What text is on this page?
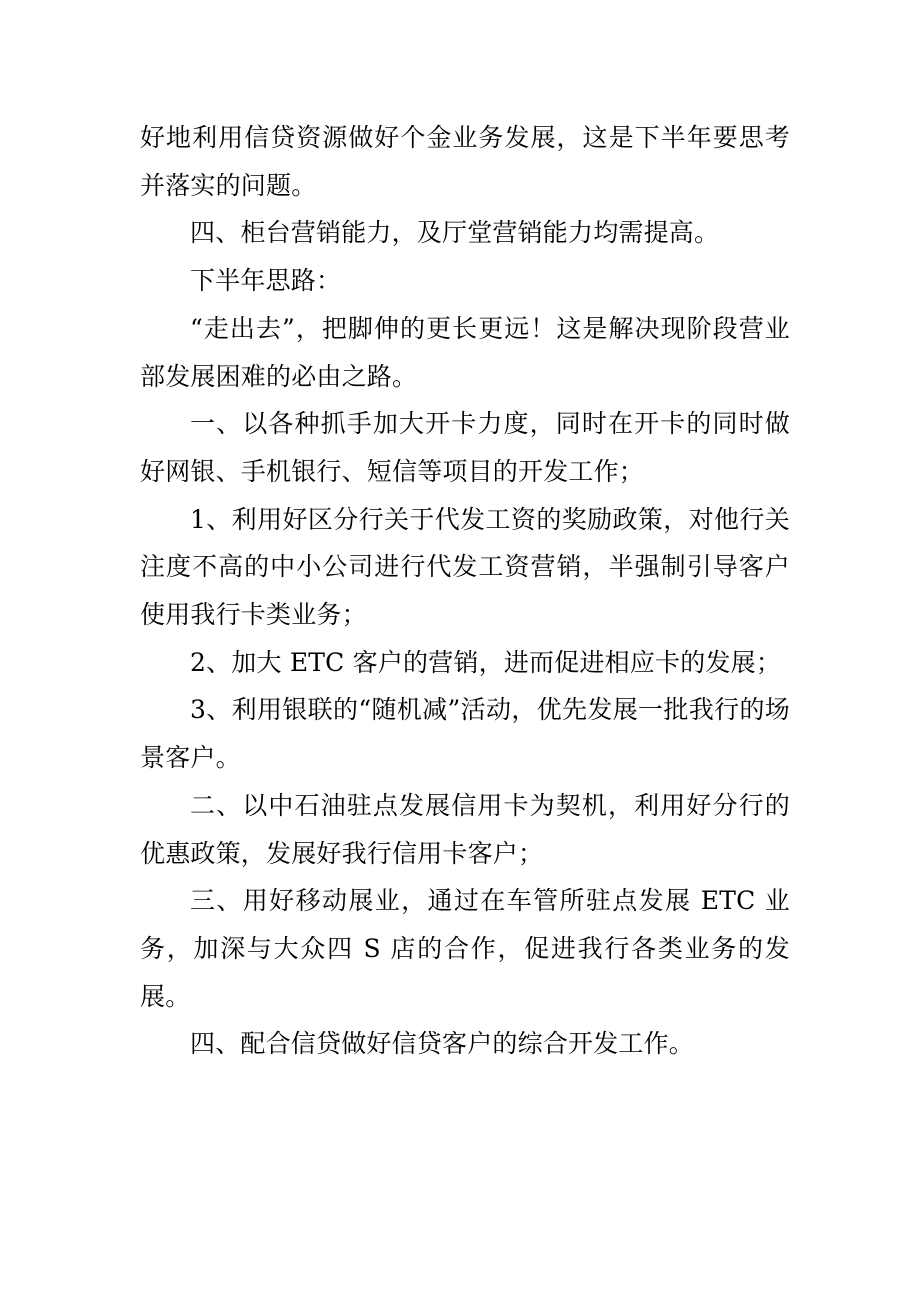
好地利用信贷资源做好个金业务发展，这是下半年要思考并落实的问题。

四、柜台营销能力，及厅堂营销能力均需提高。

下半年思路：

“走出去”，把脚伸的更长更远！这是解决现阶段营业部发展困难的必由之路。

一、以各种抓手加大开卡力度，同时在开卡的同时做好网银、手机银行、短信等项目的开发工作；

1、利用好区分行关于代发工资的奖励政策，对他行关注度不高的中小公司进行代发工资营销，半强制引导客户使用我行卡类业务；

2、加大 ETC 客户的营销，进而促进相应卡的发展；

3、利用银联的“随机减”活动，优先发展一批我行的场景客户。

二、以中石油驻点发展信用卡为契机，利用好分行的优惠政策，发展好我行信用卡客户；

三、用好移动展业，通过在车管所驻点发展 ETC 业务，加深与大众四 S 店的合作，促进我行各类业务的发展。

四、配合信贷做好信贷客户的综合开发工作。
